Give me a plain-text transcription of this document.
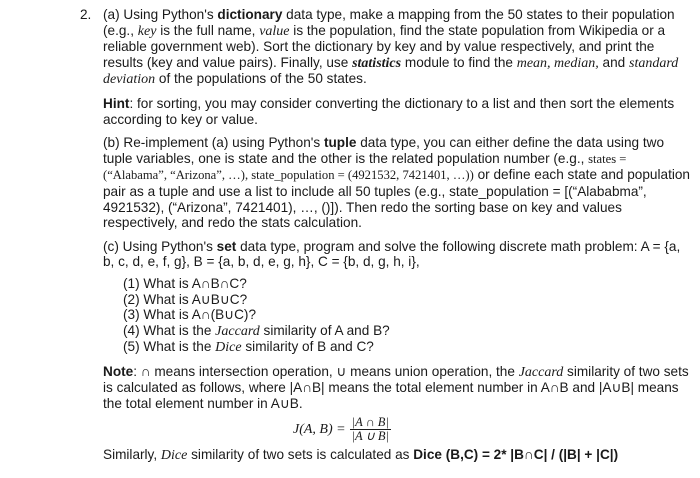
2. (a) Using Python's dictionary data type, make a mapping from the 50 states to their population (e.g., key is the full name, value is the population, find the state population from Wikipedia or a reliable government web). Sort the dictionary by key and by value respectively, and print the results (key and value pairs). Finally, use statistics module to find the mean, median, and standard deviation of the populations of the 50 states.

Hint: for sorting, you may consider converting the dictionary to a list and then sort the elements according to key or value.

(b) Re-implement (a) using Python's tuple data type, you can either define the data using two tuple variables, one is state and the other is the related population number (e.g., states = (“Alabama”, “Arizona”, …), state_population = (4921532, 7421401, …)) or define each state and population pair as a tuple and use a list to include all 50 tuples (e.g., state_population = [(“Alababma”, 4921532), (“Arizona”, 7421401), …, ()]). Then redo the sorting base on key and values respectively, and redo the stats calculation.

(c) Using Python's set data type, program and solve the following discrete math problem: A = {a, b, c, d, e, f, g}, B = {a, b, d, e, g, h}, C = {b, d, g, h, i},

(1) What is A∩B∩C?
(2) What is A∪B∪C?
(3) What is A∩(B∪C)?
(4) What is the Jaccard similarity of A and B?
(5) What is the Dice similarity of B and C?

Note: ∩ means intersection operation, ∪ means union operation, the Jaccard similarity of two sets is calculated as follows, where |A∩B| means the total element number in A∩B and |A∪B| means the total element number in A∪B.

J(A, $B) = \frac{|A \cap B|}{|A \cup B|}$

Similarly, Dice similarity of two sets is calculated as Dice (B,C) = 2* |B∩C| / (|B| + |C|)
